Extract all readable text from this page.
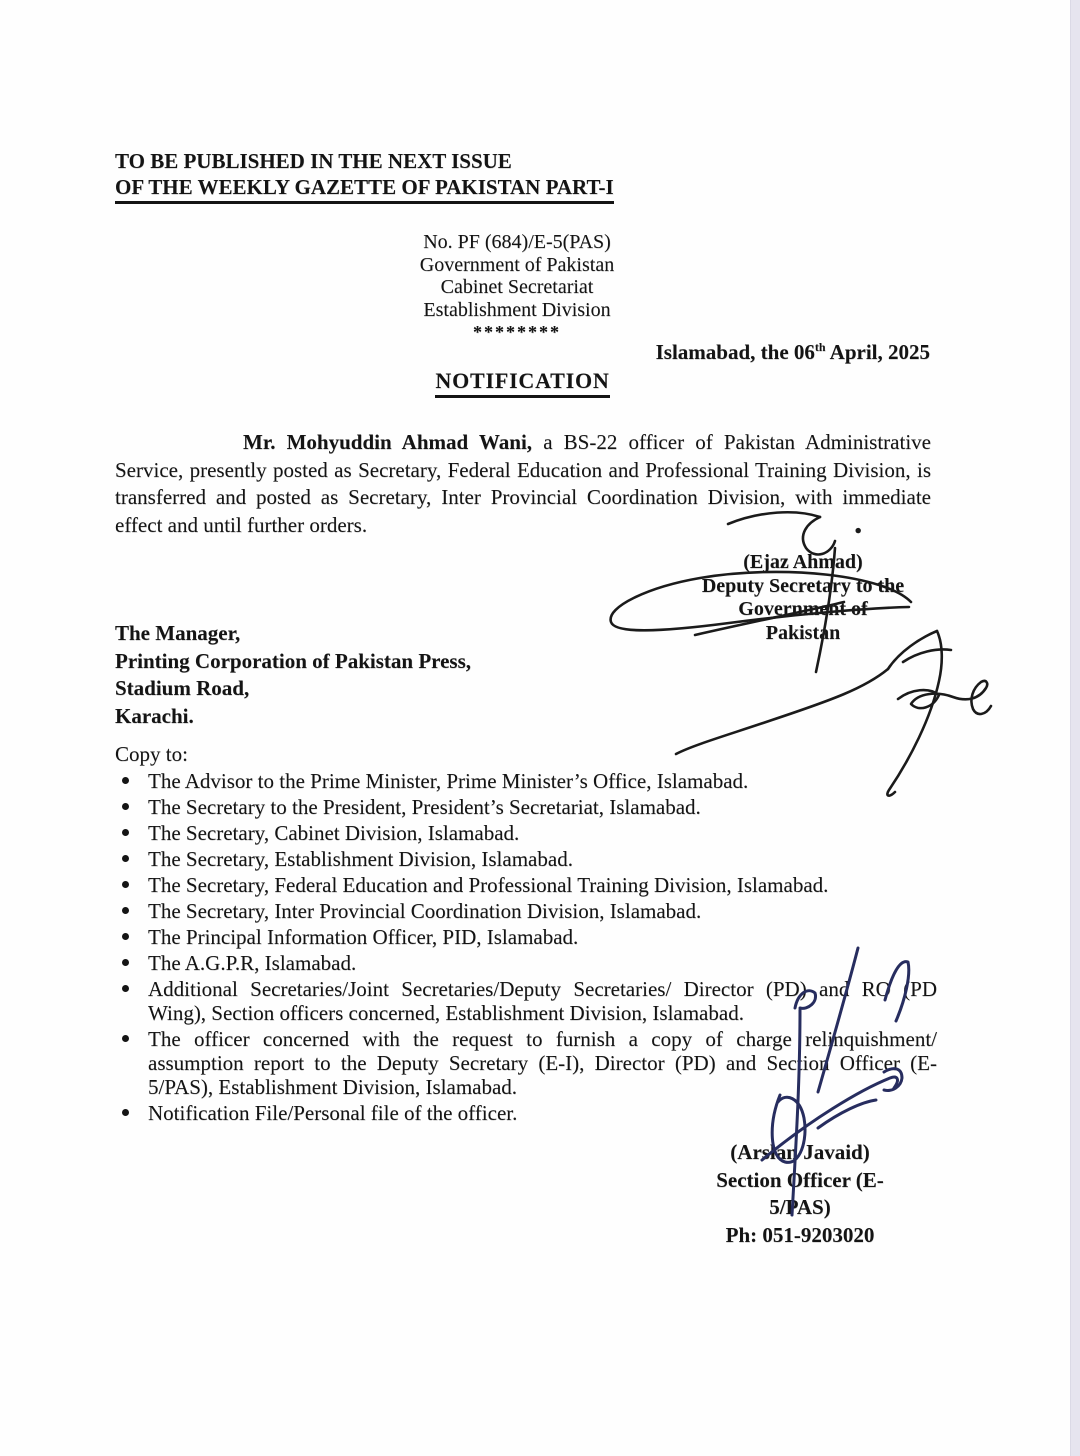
TO BE PUBLISHED IN THE NEXT ISSUE
OF THE WEEKLY GAZETTE OF PAKISTAN PART-I
No. PF (684)/E-5(PAS)
Government of Pakistan
Cabinet Secretariat
Establishment Division
********
Islamabad, the 06th April, 2025
NOTIFICATION

Mr. Mohyuddin Ahmad Wani, a BS-22 officer of Pakistan Administrative Service, presently posted as Secretary, Federal Education and Professional Training Division, is transferred and posted as Secretary, Inter Provincial Coordination Division, with immediate effect and until further orders.

(Ejaz Ahmad)
Deputy Secretary to the
Government of Pakistan
The Manager,
Printing Corporation of Pakistan Press,
Stadium Road,
Karachi.
Copy to:
The Advisor to the Prime Minister, Prime Minister’s Office, Islamabad.
The Secretary to the President, President’s Secretariat, Islamabad.
The Secretary, Cabinet Division, Islamabad.
The Secretary, Establishment Division, Islamabad.
The Secretary, Federal Education and Professional Training Division, Islamabad.
The Secretary, Inter Provincial Coordination Division, Islamabad.
The Principal Information Officer, PID, Islamabad.
The A.G.P.R, Islamabad.
Additional Secretaries/Joint Secretaries/Deputy Secretaries/ Director (PD) and RO (PD Wing), Section officers concerned, Establishment Division, Islamabad.
The officer concerned with the request to furnish a copy of charge relinquishment/ assumption report to the Deputy Secretary (E-I), Director (PD) and Section Officer (E-5/PAS), Establishment Division, Islamabad.
Notification File/Personal file of the officer.
(Arslan Javaid)
Section Officer (E-5/PAS)
Ph: 051-9203020
